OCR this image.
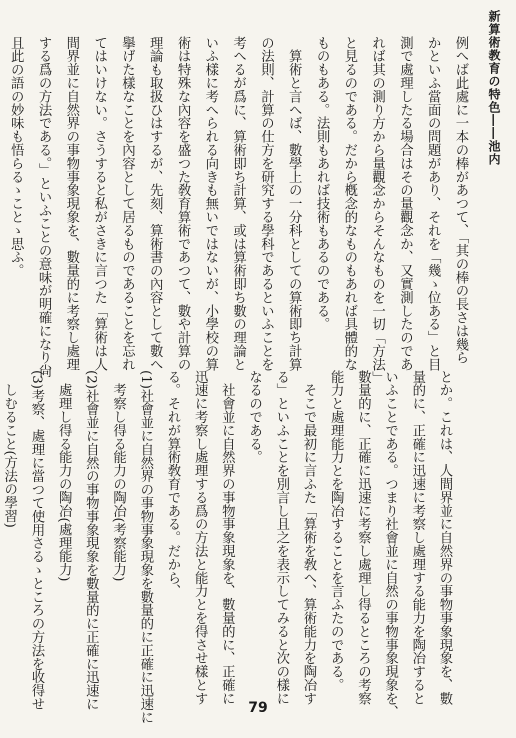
新算術教育の特色――池内
例へば此處に一本の棒があつて、「其の棒の長さは幾ら
かといふ當面の問題があり、それを「幾ゝ位ある」と目
測で處理したる場合はその量觀念か、又實測したのであ
れば其の測り方から量觀念からそんなものを一切「方法」
と見るのである。だから槪念的なものもあれば具體的な
ものもある。法則もあれば技術もあるのである。
　算術と言へば、數學上の一分科としての算術即ち計算
の法則、計算の仕方を研究する學科であるといふことを
考へるが爲に、算術即ち計算、或は算術即ち數の理論と
いふ樣に考へられる向きも無いではないが、小學校の算
術は特殊な內容を盛つた敎育算術であつて、數や計算の
理論も取扱ひはするが、先刻、算術書の內容として數へ
擧げた樣なことを內容として居るものであることを忘れ
てはいけない。さうすると私がさきに言つた「算術は人
間界並に自然界の事物事象現象を、數量的に考察し處理
する爲の方法である。」といふことの意味が明確になり尙
且此の語の妙味も悟らるゝことゝ思ふ。
とか。これは、人間界並に自然界の事物事象現象を、數
量的に、正確に迅速に考察し處理する能力を陶冶すると
いふことである。つまり社會並に自然の事物事象現象を、
數量的に、正確に迅速に考察し處理し得るところの考察
能力と處理能力とを陶冶することを言ふたのである。
　そこで最初に言ふた「算術を敎へ、算術能力を陶冶す
る」といふことを別言し且之を表示してみると次の樣に
なるのである。
　社會並に自然界の事物事象現象を、數量的に、正確に
迅速に考察し處理する爲の方法と能力とを得させ樣とす
る。それが算術敎育である。だから、
(1)社會並に自然界の事物事象現象を數量的に正確に迅速に
　考察し得る能力の陶冶(考察能力)
(2)社會並に自然の事物事象現象を數量的に正確に迅速に
　處理し得る能力の陶冶(處理能力)
(3)考察、處理に當つて使用さるゝところの方法を收得せ
　しむること(方法の學習)
79
